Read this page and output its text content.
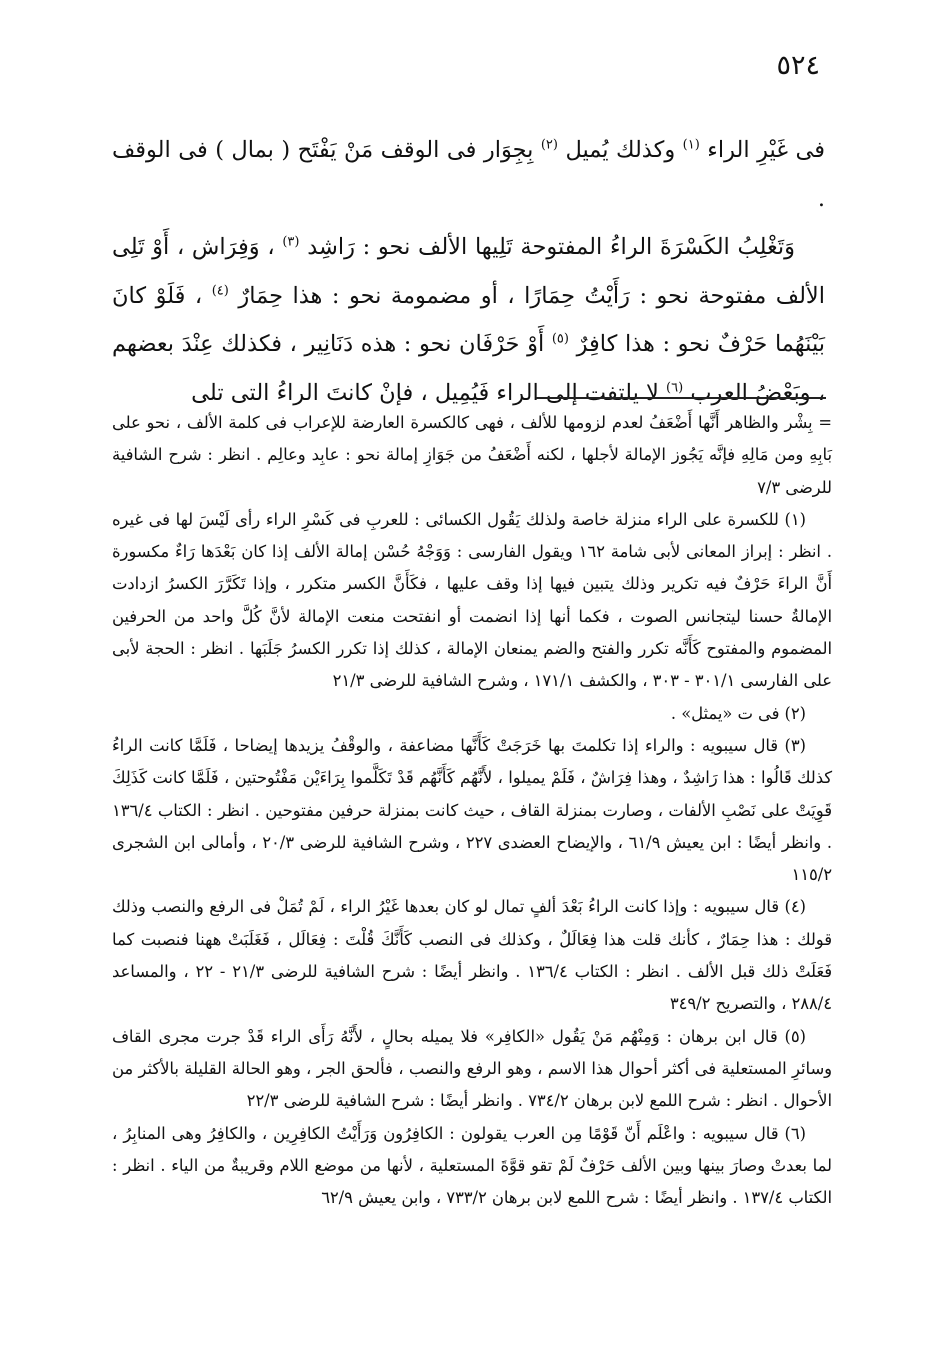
٥٢٤

فى غَيْرِ الراء $^{(١)}$ وكذلك يُميل $^{(٢)}$ بِجِوَار فى الوقف مَنْ يَفْتَح ( بمال ) فى الوقف .

وَتَغْلِبُ الكَسْرَةَ الراءُ المفتوحة تَلِيها الألف نحو : رَاشِد $^{(٣)}$ ، وَفِرَاش ، أَوْ تَلِى الألف مفتوحة نحو : رَأَيْتُ حِمَارًا ، أو مضمومة نحو : هذا حِمَارٌ $^{(٤)}$ ، فَلَوْ كانَ بَيْنَهُما حَرْفٌ نحو : هذا كافِرٌ $^{(٥)}$ أَوْ حَرْفَان نحو : هذه دَنَانِير ، فكذلك عِنْدَ بعضهم ، وبَعْضُ العرب $^{(٦)}$ لا يلتفت إلى الراء فَيُمِيل ، فإنْ كانتَ الراءُ التى تلى

= بِشْر والظاهر أَنَّها أَضْعَفُ لعدم لزومها للألف ، فهى كالكسرة العارضة للإعراب فى كلمة الألف ، نحو على بَابِهِ ومن مَالِهِ فإنَّه يَجُوز الإمالة لأجلها ، لكنه أَضْعَفُ من جَوَازِ إمالة نحو : عابِد وعالِم . انظر : شرح الشافية للرضى ٧/٣

(١) للكسرة على الراء منزلة خاصة ولذلك يَقُول الكسائى : للعربِ فى كَسْرِ الراء رأى لَيْسَ لها فى غيره . انظر : إبراز المعانى لأبى شامة ١٦٢ ويقول الفارسى : وَوَجْهُ حُسْن إمالة الألف إذا كان بَعْدَها رَاءٌ مكسورة أَنَّ الراءَ حَرْفٌ فيه تكرير وذلك يتبين فيها إذا وقف عليها ، فكَأَنَّ الكسر متكرر ، وإذا تَكَرَّرَ الكسرُ ازدادت الإمالةُ حسنا ليتجانس الصوت ، فكما أنها إذا انضمت أو انفتحت منعت الإمالة لأنَّ كُلَّ واحد من الحرفين المضموم والمفتوح كَأَنَّه تكرر والفتح والضم يمنعان الإمالة ، كذلك إذا تكرر الكسرُ جَلَبَها . انظر : الحجة لأبى على الفارسى ٣٠١/١ - ٣٠٣ ، والكشف ١٧١/١ ، وشرح الشافية للرضى ٢١/٣

(٢) فى ت «يمثل» .

(٣) قال سيبويه : والراء إذا تكلمتَ بها خَرَجَتْ كَأَنَّها مضاعفة ، والوقْفُ يزيدها إيضاحا ، فَلَمَّا كانت الراءُ كذلك قَالُوا : هذا رَاشِدٌ ، وهذا فِرَاشٌ ، فَلَمْ يميلوا ، لأَنَّهُم كَأَنَّهُم قَدْ تَكَلَّموا بِرَاءَيْن مَفْتُوحتين ، فَلَمَّا كانت كَذَلِكَ قَوِيَتْ على نَصْبِ الألفات ، وصارت بمنزلة القاف ، حيث كانت بمنزلة حرفين مفتوحين . انظر : الكتاب ١٣٦/٤ . وانظر أيضًا : ابن يعيش ٦١/٩ ، والإيضاح العضدى ٢٢٧ ، وشرح الشافية للرضى ٢٠/٣ ، وأمالى ابن الشجرى ١١٥/٢

(٤) قال سيبويه : وإذا كانت الراءُ بَعْدَ ألفٍ تمال لو كان بعدها غَيْرُ الراء ، لَمْ تُمَلْ فى الرفع والنصب وذلك قولك : هذا حِمَارٌ ، كأنك قلت هذا فِعَالَلٌ ، وكذلك فى النصب كَأَنَّكَ قُلْتَ : فِعَالَل ، فَغَلَبَتْ ههنا فنصبت كما فَعَلَتْ ذلك قبل الألف . انظر : الكتاب ١٣٦/٤ . وانظر أيضًا : شرح الشافية للرضى ٢١/٣ - ٢٢ ، والمساعد ٢٨٨/٤ ، والتصريح ٣٤٩/٢

(٥) قال ابن برهان : وَمِنْهُم مَنْ يَقُول «الكافِر» فلا يميله بحالٍ ، لأَنَّهُ رَأَى الراء قَدْ جرت مجرى القاف وسائرِ المستعلية فى أكثر أحوال هذا الاسم ، وهو الرفع والنصب ، فألحق الجر ، وهو الحالة القليلة بالأكثر من الأحوال . انظر : شرح اللمع لابن برهان ٧٣٤/٢ . وانظر أيضًا : شرح الشافية للرضى ٢٢/٣

(٦) قال سيبويه : واعْلَم أَنّ قَوْمًا مِن العرب يقولون : الكافِرُون وَرَأَيْتُ الكافِرِين ، والكافِرُ وهى المنابِرُ ، لما بعدتْ وصارَ بينها وبين الألف حَرْفٌ لَمْ تقو قوَّةَ المستعلية ، لأنها من موضع اللام وقريبةٌ من الياء . انظر : الكتاب ١٣٧/٤ . وانظر أيضًا : شرح اللمع لابن برهان ٧٣٣/٢ ، وابن يعيش ٦٢/٩
